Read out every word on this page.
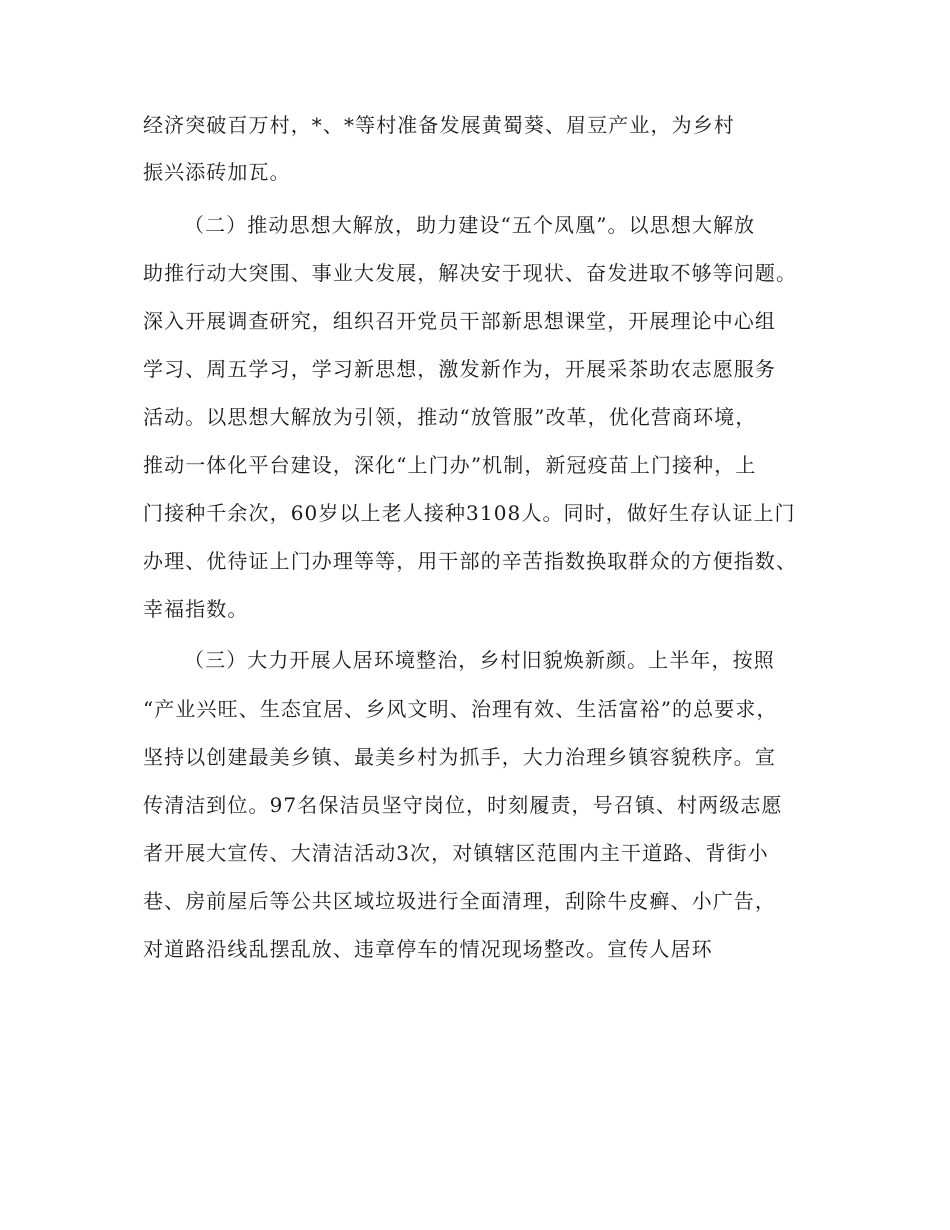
经济突破百万村，*、*等村准备发展黄蜀葵、眉豆产业，为乡村
振兴添砖加瓦。
（二）推动思想大解放，助力建设“五个凤凰”。以思想大解放
助推行动大突围、事业大发展，解决安于现状、奋发进取不够等问题。
深入开展调查研究，组织召开党员干部新思想课堂，开展理论中心组
学习、周五学习，学习新思想，激发新作为，开展采茶助农志愿服务
活动。以思想大解放为引领，推动“放管服”改革，优化营商环境，
推动一体化平台建设，深化“上门办”机制，新冠疫苗上门接种，上
门接种千余次，60岁以上老人接种3108人。同时，做好生存认证上门
办理、优待证上门办理等等，用干部的辛苦指数换取群众的方便指数、
幸福指数。
（三）大力开展人居环境整治，乡村旧貌焕新颜。上半年，按照
“产业兴旺、生态宜居、乡风文明、治理有效、生活富裕”的总要求，
坚持以创建最美乡镇、最美乡村为抓手，大力治理乡镇容貌秩序。宣
传清洁到位。97名保洁员坚守岗位，时刻履责，号召镇、村两级志愿
者开展大宣传、大清洁活动3次，对镇辖区范围内主干道路、背街小
巷、房前屋后等公共区域垃圾进行全面清理，刮除牛皮癣、小广告，
对道路沿线乱摆乱放、违章停车的情况现场整改。宣传人居环
